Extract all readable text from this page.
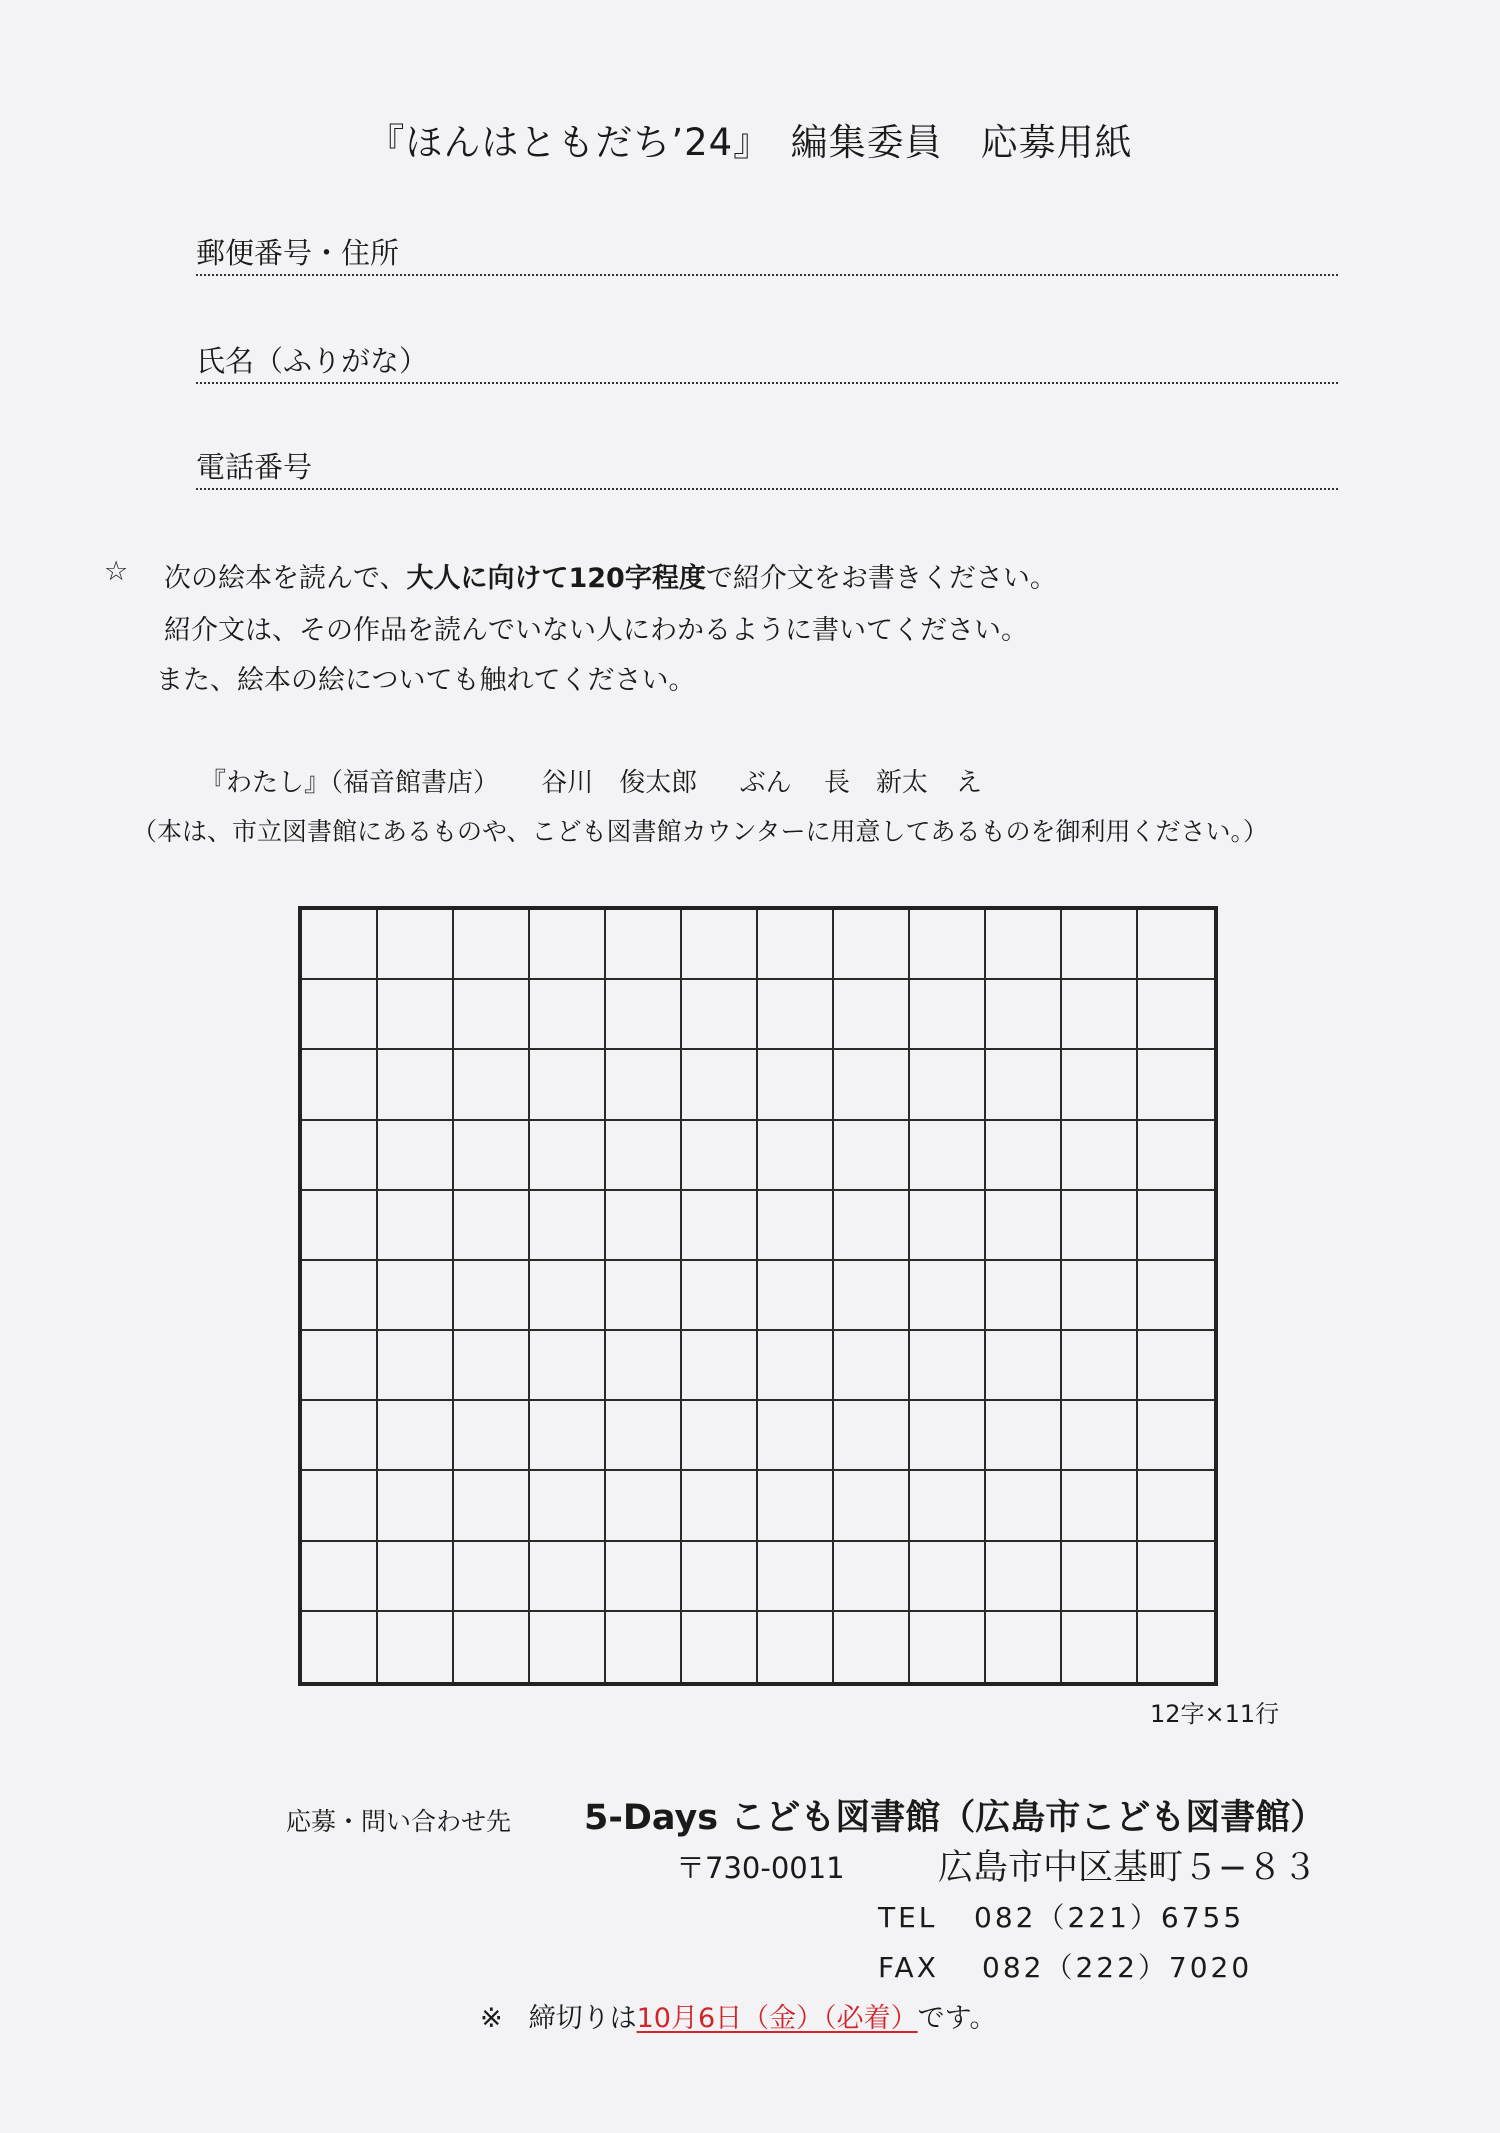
『ほんはともだち’24』　編集委員　応募用紙
郵便番号・住所
氏名（ふりがな）
電話番号
☆ 次の絵本を読んで、大人に向けて120字程度で紹介文をお書きください。
紹介文は、その作品を読んでいない人にわかるように書いてください。
また、絵本の絵についても触れてください。
『わたし』（福音館書店） 谷川　俊太郎 ぶん 長　新太 え
（本は、市立図書館にあるものや、こども図書館カウンターに用意してあるものを御利用ください。）
12字×11行
応募・問い合わせ先 5-Days こども図書館（広島市こども図書館）
〒730-0011	広島市中区基町５−８３
TEL 082（221）6755
FAX 082（222）7020
※ 締切りは10月6日（金）（必着）です。
